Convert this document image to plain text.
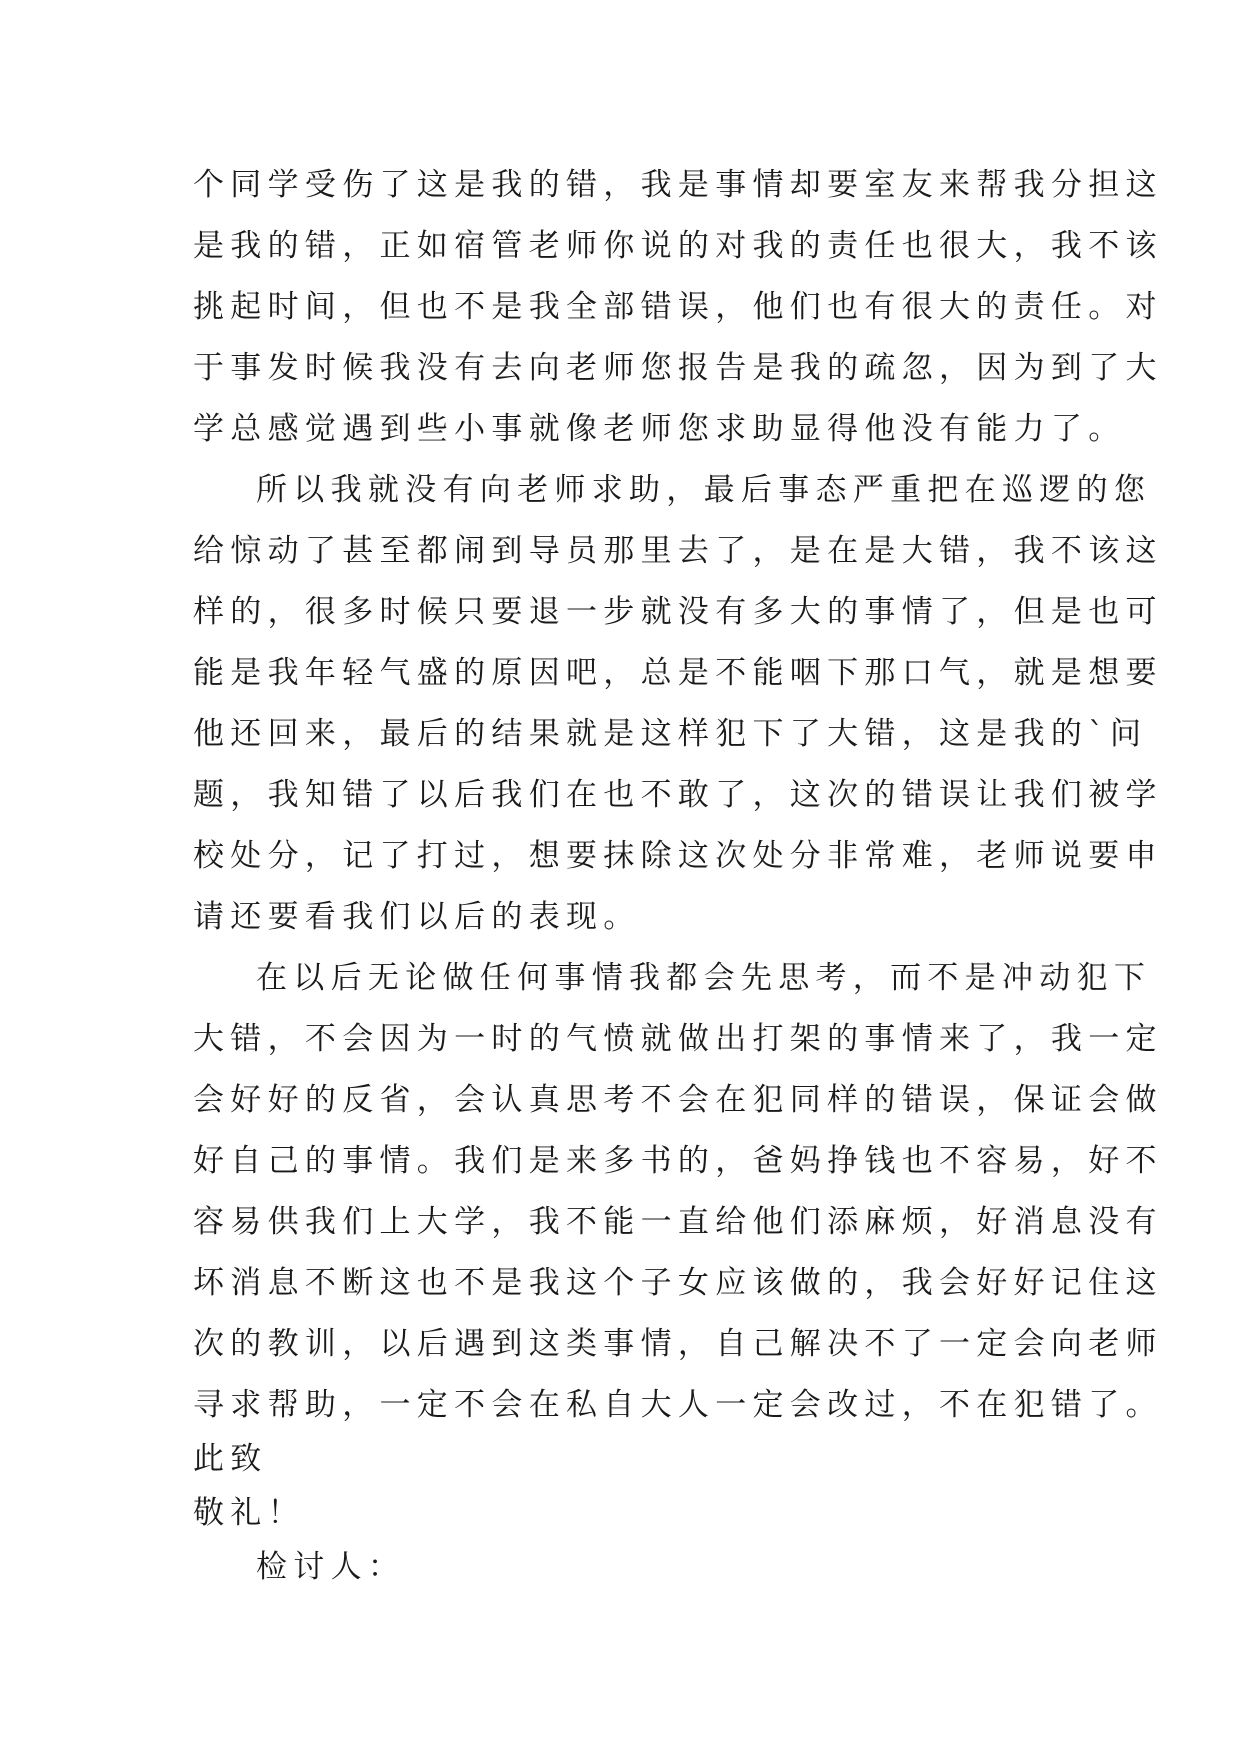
个同学受伤了这是我的错，我是事情却要室友来帮我分担这
是我的错，正如宿管老师你说的对我的责任也很大，我不该
挑起时间，但也不是我全部错误，他们也有很大的责任。对
于事发时候我没有去向老师您报告是我的疏忽，因为到了大
学总感觉遇到些小事就像老师您求助显得他没有能力了。
所以我就没有向老师求助，最后事态严重把在巡逻的您
给惊动了甚至都闹到导员那里去了，是在是大错，我不该这
样的，很多时候只要退一步就没有多大的事情了，但是也可
能是我年轻气盛的原因吧，总是不能咽下那口气，就是想要
他还回来，最后的结果就是这样犯下了大错，这是我的`问
题，我知错了以后我们在也不敢了，这次的错误让我们被学
校处分，记了打过，想要抹除这次处分非常难，老师说要申
请还要看我们以后的表现。
在以后无论做任何事情我都会先思考，而不是冲动犯下
大错，不会因为一时的气愤就做出打架的事情来了，我一定
会好好的反省，会认真思考不会在犯同样的错误，保证会做
好自己的事情。我们是来多书的，爸妈挣钱也不容易，好不
容易供我们上大学，我不能一直给他们添麻烦，好消息没有
坏消息不断这也不是我这个子女应该做的，我会好好记住这
次的教训，以后遇到这类事情，自己解决不了一定会向老师
寻求帮助，一定不会在私自大人一定会改过，不在犯错了。
此致
敬礼！
检讨人：
